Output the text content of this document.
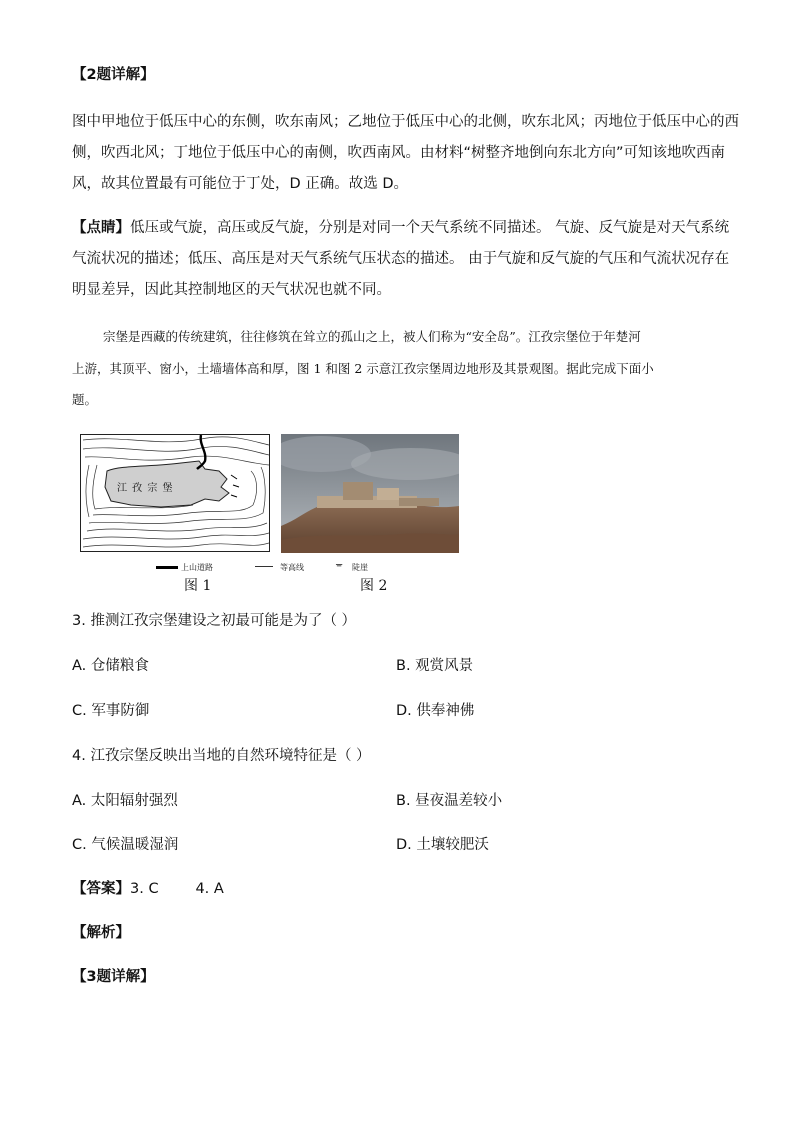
【2题详解】
图中甲地位于低压中心的东侧，吹东南风；乙地位于低压中心的北侧，吹东北风；丙地位于低压中心的西
侧，吹西北风；丁地位于低压中心的南侧，吹西南风。由材料“树整齐地倒向东北方向”可知该地吹西南
风，故其位置最有可能位于丁处，D 正确。故选 D。
【点睛】低压或气旋，高压或反气旋，分别是对同一个天气系统不同描述。 气旋、反气旋是对天气系统
气流状况的描述；低压、高压是对天气系统气压状态的描述。 由于气旋和反气旋的气压和气流状况存在
明显差异，因此其控制地区的天气状况也就不同。
宗堡是西藏的传统建筑，往往修筑在耸立的孤山之上，被人们称为“安全岛”。江孜宗堡位于年楚河
上游，其顶平、窗小，土墙墙体高和厚，图 1 和图 2 示意江孜宗堡周边地形及其景观图。据此完成下面小
题。
江 孜 宗 堡
上山道路	等高线	ᚚ 陡崖
图 1	图 2
3. 推测江孜宗堡建设之初最可能是为了（ ）
A. 仓储粮食	B. 观赏风景
C. 军事防御	D. 供奉神佛
4. 江孜宗堡反映出当地的自然环境特征是（ ）
A. 太阳辐射强烈	B. 昼夜温差较小
C. 气候温暖湿润	D. 土壤较肥沃
【答案】3. C        4. A
【解析】
【3题详解】
